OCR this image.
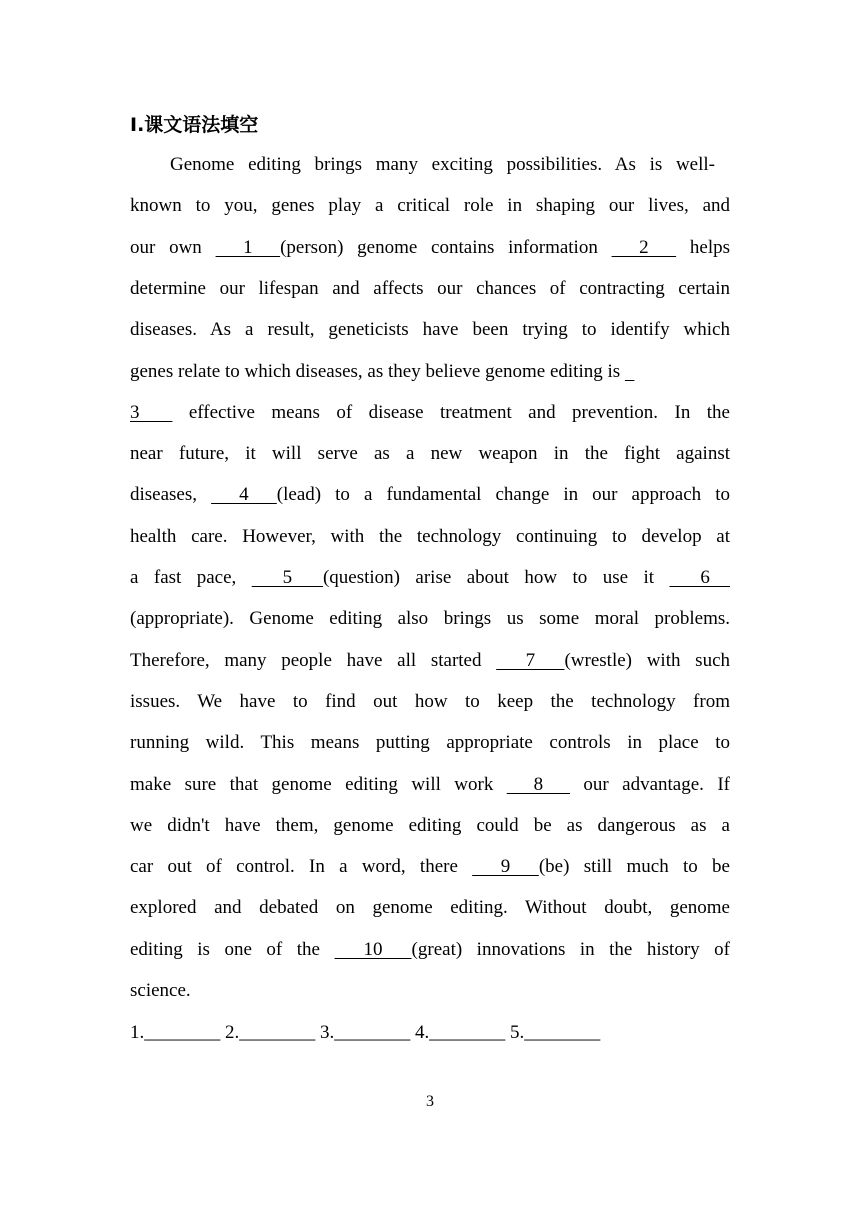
Ⅰ.课文语法填空
Genome editing brings many exciting possibilities. As is well-
known to you, genes play a critical role in shaping our lives, and
our own   1  (person) genome contains information   2   helps
determine our lifespan and affects our chances of contracting certain
diseases. As a result, geneticists have been trying to identify which
genes relate to which diseases, as they believe genome editing is
3   effective means of disease treatment and prevention. In the
near future, it will serve as a new weapon in the fight against
diseases,   4  (lead) to a fundamental change in our approach to
health care. However, with the technology continuing to develop at
a fast pace,   5  (question) arise about how to use it   6
(appropriate). Genome editing also brings us some moral problems.
Therefore, many people have all started   7  (wrestle) with such
issues. We have to find out how to keep the technology from
running wild. This means putting appropriate controls in place to
make sure that genome editing will work   8   our advantage. If
we didn't have them, genome editing could be as dangerous as a
car out of control. In a word, there   9  (be) still much to be
explored and debated on genome editing. Without doubt, genome
editing is one of the   10  (great) innovations in the history of
science.
1.________ 2.________ 3.________ 4.________ 5.________
3
